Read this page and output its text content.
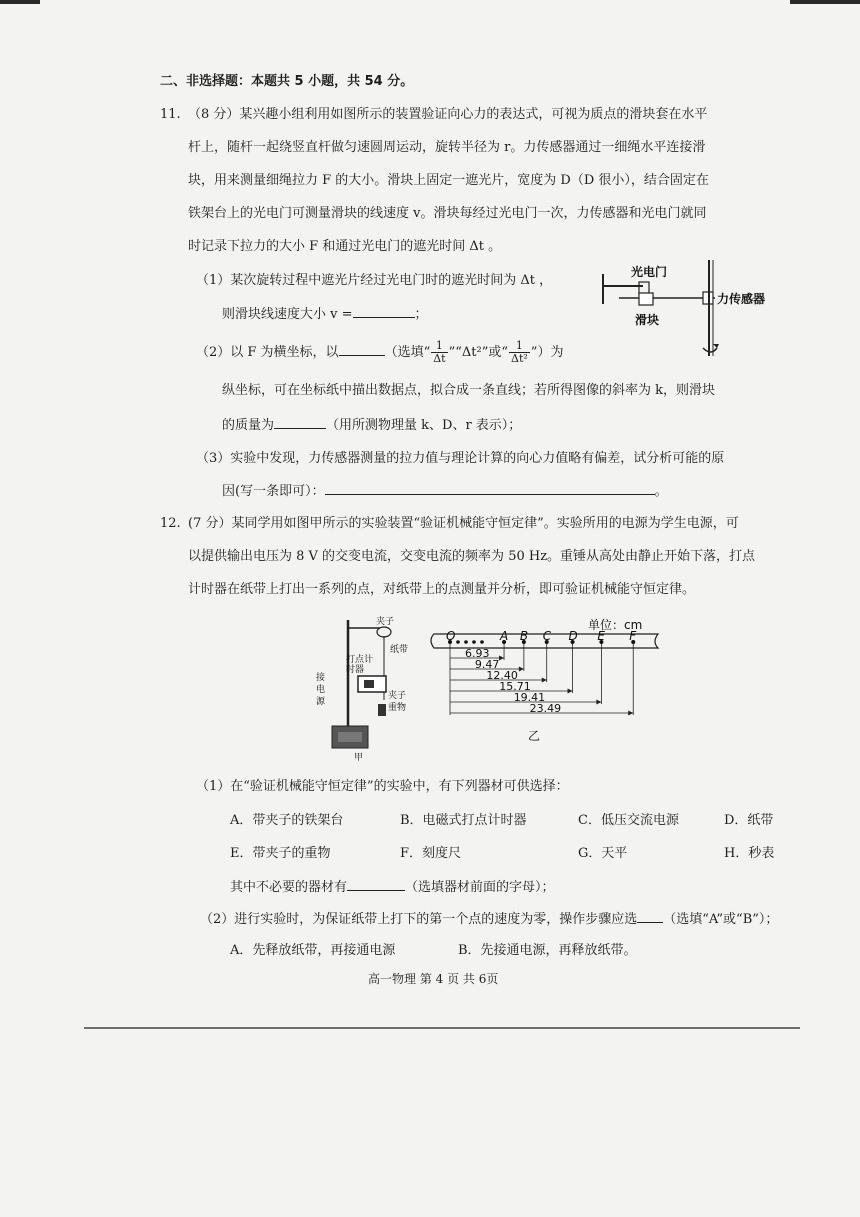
二、非选择题：本题共 5 小题，共 54 分。
11. （8 分）某兴趣小组利用如图所示的装置验证向心力的表达式，可视为质点的滑块套在水平
杆上，随杆一起绕竖直杆做匀速圆周运动，旋转半径为 r。力传感器通过一细绳水平连接滑
块，用来测量细绳拉力 F 的大小。滑块上固定一遮光片，宽度为 D（D 很小），结合固定在
铁架台上的光电门可测量滑块的线速度 v。滑块每经过光电门一次，力传感器和光电门就同
时记录下拉力的大小 F 和通过光电门的遮光时间 Δt 。
（1）某次旋转过程中遮光片经过光电门时的遮光时间为 Δt ，
则滑块线速度大小 v =	；
（2）以 F 为横坐标，以	（选填“ $\frac{1}{\Delta t}$ ”“Δt²”或“ $\frac{1}{\text{Δt²}}$ ”）为
纵坐标，可在坐标纸中描出数据点，拟合成一条直线；若所得图像的斜率为 k，则滑块
的质量为	（用所测物理量 k、D、r 表示）；
（3）实验中发现，力传感器测量的拉力值与理论计算的向心力值略有偏差，试分析可能的原
因(写一条即可）：	。
光电门
力传感器
滑块
12. (7 分）某同学用如图甲所示的实验装置“验证机械能守恒定律”。实验所用的电源为学生电源，可
以提供输出电压为 8 V 的交变电流，交变电流的频率为 50 Hz。重锤从高处由静止开始下落，打点
计时器在纸带上打出一系列的点，对纸带上的点测量并分析，即可验证机械能守恒定律。
夹子
纸带
打点计
时器
接
电
源
夹子
重物
甲
单位：cm
O	A B C D E F
6.93
9.47
12.40
15.71
19.41
23.49
乙
（1）在“验证机械能守恒定律”的实验中，有下列器材可供选择：
A．带夹子的铁架台	B．电磁式打点计时器	C．低压交流电源	D．纸带
E．带夹子的重物	F．刻度尺	G．天平	H．秒表
其中不必要的器材有	（选填器材前面的字母）；
（2）进行实验时，为保证纸带上打下的第一个点的速度为零，操作步骤应选 （选填“A”或“B”）；
A．先释放纸带，再接通电源	B．先接通电源，再释放纸带。
高一物理 第 4 页 共 6页
